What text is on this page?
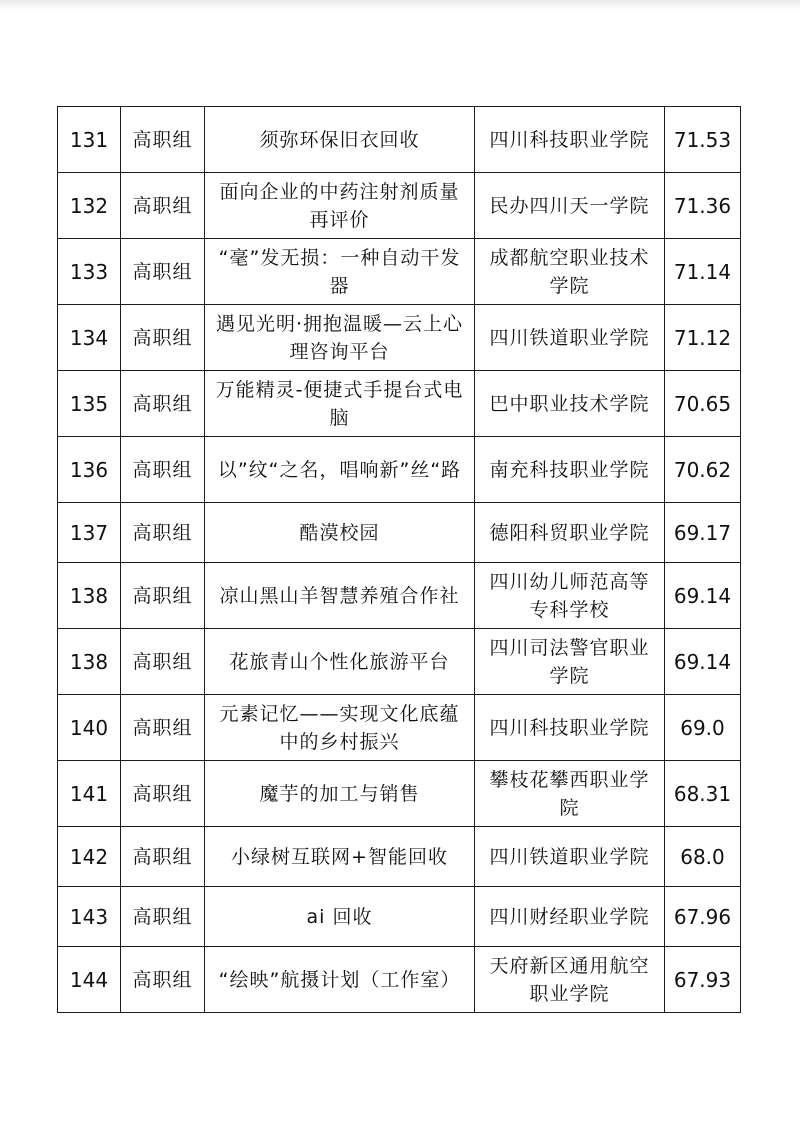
131	高职组	须弥环保旧衣回收	四川科技职业学院	71.53
132	高职组	面向企业的中药注射剂质量再评价	民办四川天一学院	71.36
133	高职组	“毫”发无损：一种自动干发器	成都航空职业技术学院	71.14
134	高职组	遇见光明·拥抱温暖—云上心理咨询平台	四川铁道职业学院	71.12
135	高职组	万能精灵-便捷式手提台式电脑	巴中职业技术学院	70.65
136	高职组	以”纹“之名，唱响新”丝“路	南充科技职业学院	70.62
137	高职组	酷漠校园	德阳科贸职业学院	69.17
138	高职组	凉山黑山羊智慧养殖合作社	四川幼儿师范高等专科学校	69.14
138	高职组	花旅青山个性化旅游平台	四川司法警官职业学院	69.14
140	高职组	元素记忆——实现文化底蕴中的乡村振兴	四川科技职业学院	69.0
141	高职组	魔芋的加工与销售	攀枝花攀西职业学院	68.31
142	高职组	小绿树互联网+智能回收	四川铁道职业学院	68.0
143	高职组	ai 回收	四川财经职业学院	67.96
144	高职组	“绘映”航摄计划（工作室）	天府新区通用航空职业学院	67.93
